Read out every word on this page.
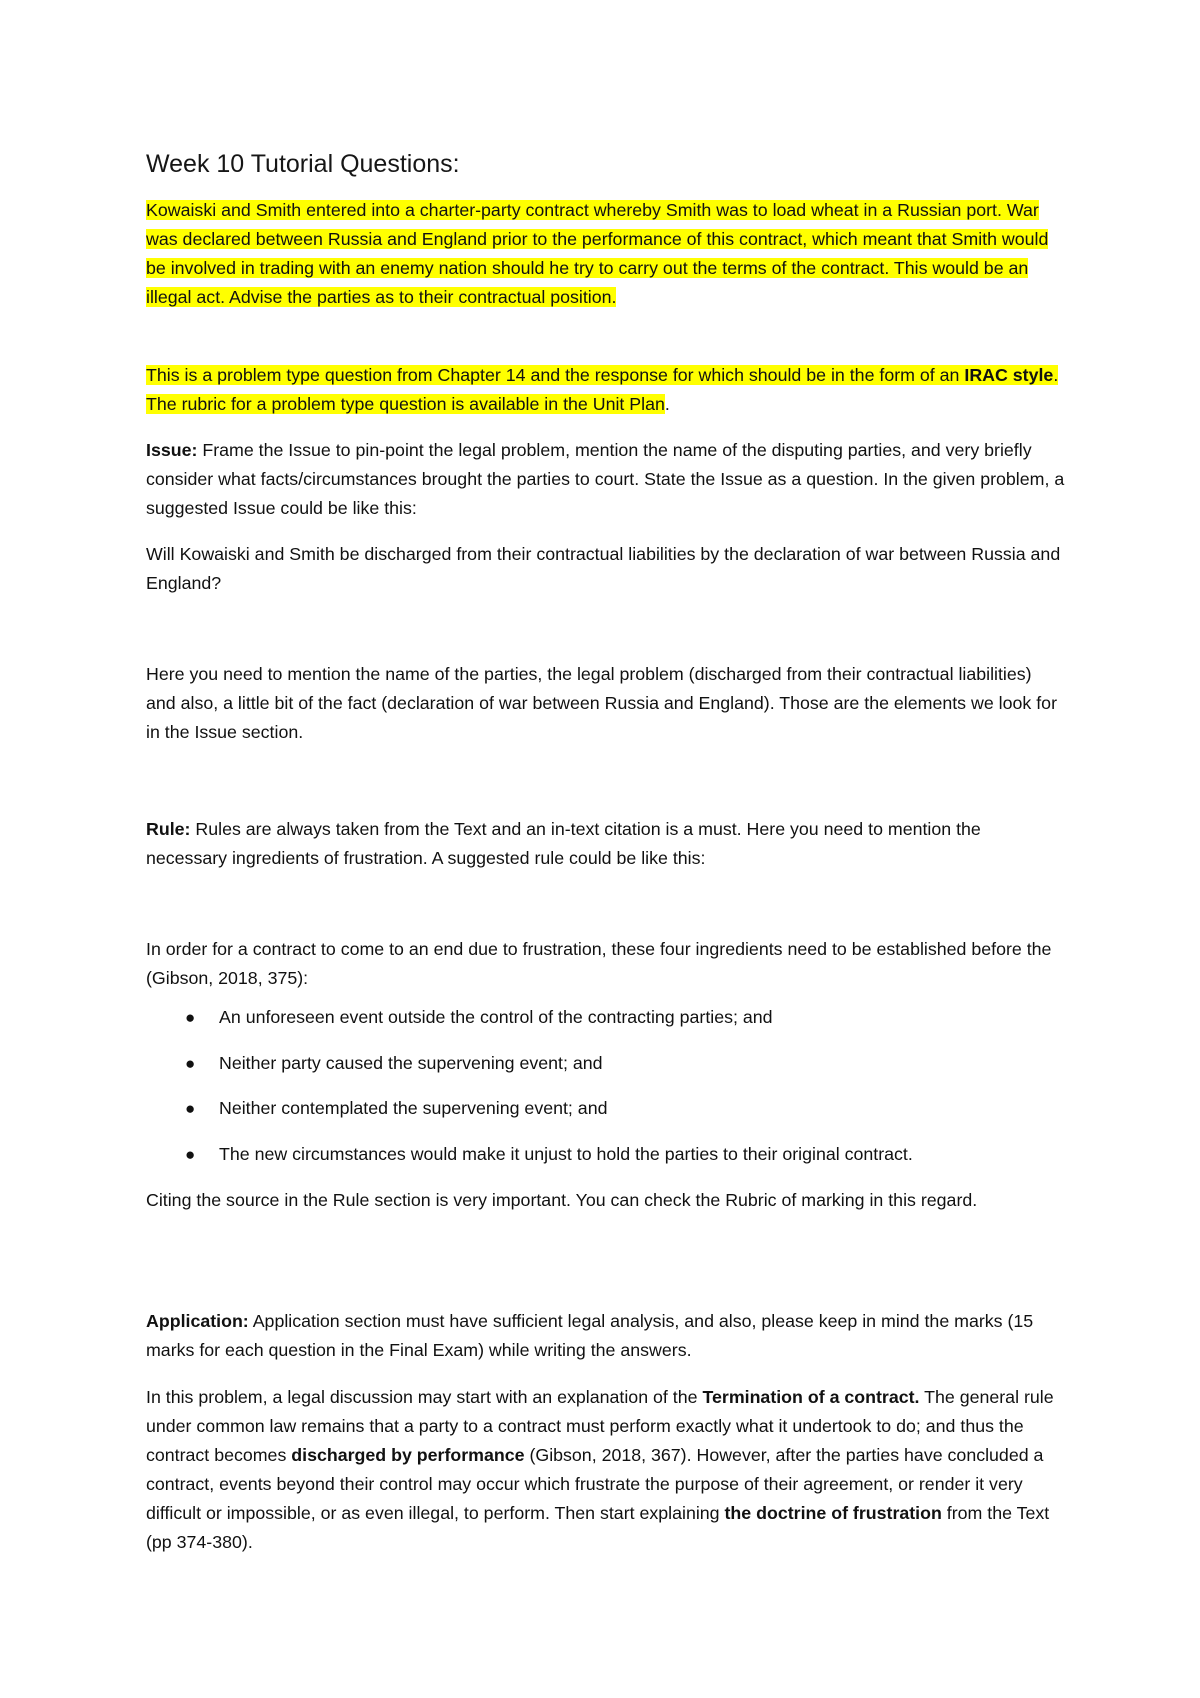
Week 10 Tutorial Questions:

Kowaiski and Smith entered into a charter-party contract whereby Smith was to load wheat in a Russian port. War was declared between Russia and England prior to the performance of this contract, which meant that Smith would be involved in trading with an enemy nation should he try to carry out the terms of the contract. This would be an illegal act. Advise the parties as to their contractual position.

This is a problem type question from Chapter 14 and the response for which should be in the form of an IRAC style. The rubric for a problem type question is available in the Unit Plan.

Issue: Frame the Issue to pin-point the legal problem, mention the name of the disputing parties, and very briefly consider what facts/circumstances brought the parties to court. State the Issue as a question. In the given problem, a suggested Issue could be like this:

Will Kowaiski and Smith be discharged from their contractual liabilities by the declaration of war between Russia and England?

Here you need to mention the name of the parties, the legal problem (discharged from their contractual liabilities) and also, a little bit of the fact (declaration of war between Russia and England). Those are the elements we look for in the Issue section.

Rule: Rules are always taken from the Text and an in-text citation is a must. Here you need to mention the necessary ingredients of frustration. A suggested rule could be like this:

In order for a contract to come to an end due to frustration, these four ingredients need to be established before the (Gibson, 2018, 375):

● An unforeseen event outside the control of the contracting parties; and
● Neither party caused the supervening event; and
● Neither contemplated the supervening event; and
● The new circumstances would make it unjust to hold the parties to their original contract.

Citing the source in the Rule section is very important. You can check the Rubric of marking in this regard.

Application: Application section must have sufficient legal analysis, and also, please keep in mind the marks (15 marks for each question in the Final Exam) while writing the answers.

In this problem, a legal discussion may start with an explanation of the Termination of a contract. The general rule under common law remains that a party to a contract must perform exactly what it undertook to do; and thus the contract becomes discharged by performance (Gibson, 2018, 367). However, after the parties have concluded a contract, events beyond their control may occur which frustrate the purpose of their agreement, or render it very difficult or impossible, or as even illegal, to perform. Then start explaining the doctrine of frustration from the Text (pp 374-380).
